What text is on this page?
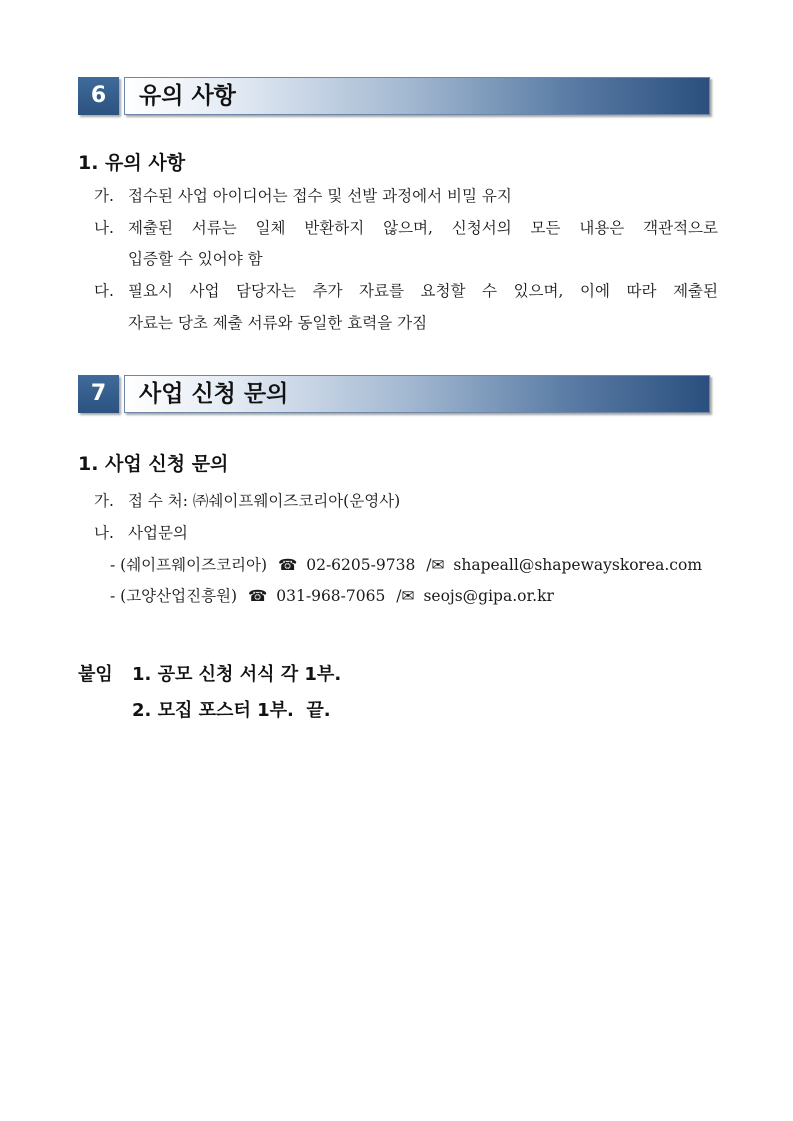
6	유의 사항
1. 유의 사항
가. 접수된 사업 아이디어는 접수 및 선발 과정에서 비밀 유지
나. 제출된 서류는 일체 반환하지 않으며, 신청서의 모든 내용은 객관적으로
입증할 수 있어야 함
다. 필요시 사업 담당자는 추가 자료를 요청할 수 있으며, 이에 따라 제출된
자료는 당초 제출 서류와 동일한 효력을 가짐
7	사업 신청 문의
1. 사업 신청 문의
가. 접 수 처: ㈜쉐이프웨이즈코리아(운영사)
나. 사업문의
- (쉐이프웨이즈코리아) ☎ 02-6205-9738 /✉ shapeall@shapewayskorea.com
- (고양산업진흥원) ☎ 031-968-7065 /✉ seojs@gipa.or.kr
붙임 1. 공모 신청 서식 각 1부.
2. 모집 포스터 1부.  끝.
